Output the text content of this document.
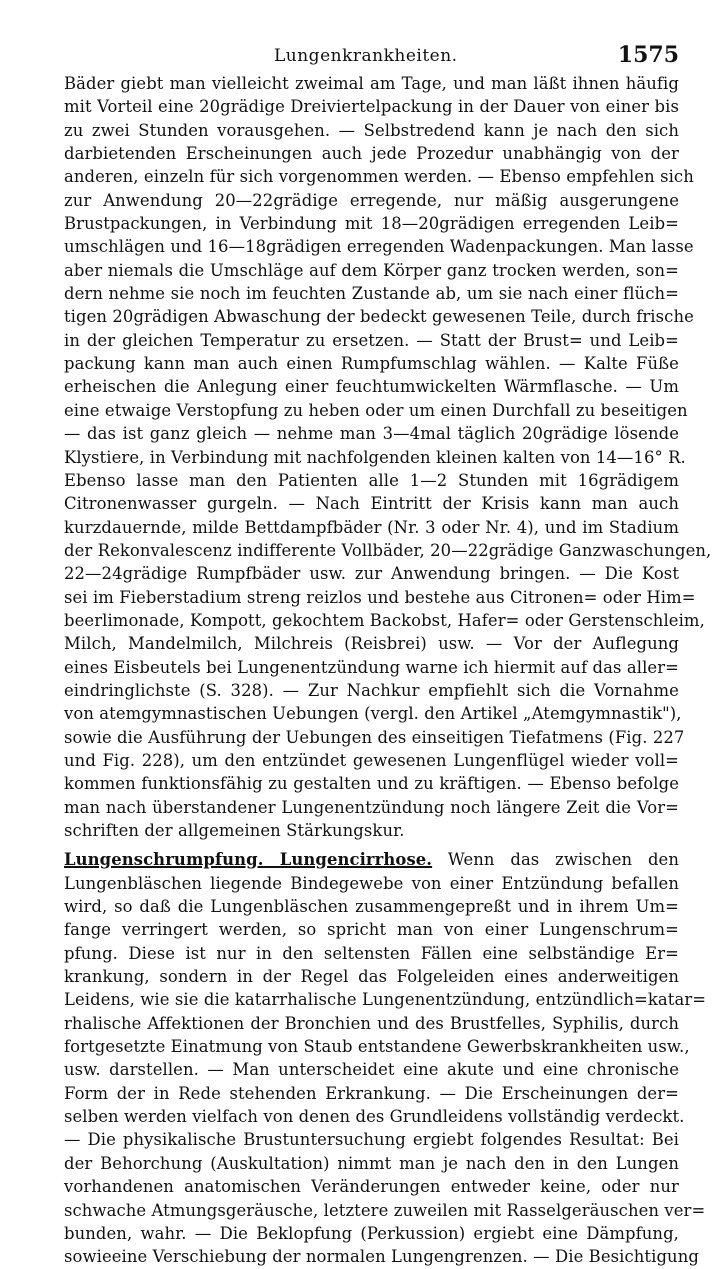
Lungenkrankheiten.	1575
Bäder giebt man vielleicht zweimal am Tage, und man läßt ihnen häufig
mit Vorteil eine 20grädige Dreiviertelpackung in der Dauer von einer bis
zu zwei Stunden vorausgehen. — Selbstredend kann je nach den sich
darbietenden Erscheinungen auch jede Prozedur unabhängig von der
anderen, einzeln für sich vorgenommen werden. — Ebenso empfehlen sich
zur Anwendung 20—22grädige erregende, nur mäßig ausgerungene
Brustpackungen, in Verbindung mit 18—20grädigen erregenden Leib=
umschlägen und 16—18grädigen erregenden Wadenpackungen. Man lasse
aber niemals die Umschläge auf dem Körper ganz trocken werden, son=
dern nehme sie noch im feuchten Zustande ab, um sie nach einer flüch=
tigen 20grädigen Abwaschung der bedeckt gewesenen Teile, durch frische
in der gleichen Temperatur zu ersetzen. — Statt der Brust= und Leib=
packung kann man auch einen Rumpfumschlag wählen. — Kalte Füße
erheischen die Anlegung einer feuchtumwickelten Wärmflasche. — Um
eine etwaige Verstopfung zu heben oder um einen Durchfall zu beseitigen
— das ist ganz gleich — nehme man 3—4mal täglich 20grädige lösende
Klystiere, in Verbindung mit nachfolgenden kleinen kalten von 14—16° R.
Ebenso lasse man den Patienten alle 1—2 Stunden mit 16grädigem
Citronenwasser gurgeln. — Nach Eintritt der Krisis kann man auch
kurzdauernde, milde Bettdampfbäder (Nr. 3 oder Nr. 4), und im Stadium
der Rekonvalescenz indifferente Vollbäder, 20—22grädige Ganzwaschungen,
22—24grädige Rumpfbäder usw. zur Anwendung bringen. — Die Kost
sei im Fieberstadium streng reizlos und bestehe aus Citronen= oder Him=
beerlimonade, Kompott, gekochtem Backobst, Hafer= oder Gerstenschleim,
Milch, Mandelmilch, Milchreis (Reisbrei) usw. — Vor der Auflegung
eines Eisbeutels bei Lungenentzündung warne ich hiermit auf das aller=
eindringlichste (S. 328). — Zur Nachkur empfiehlt sich die Vornahme
von atemgymnastischen Uebungen (vergl. den Artikel „Atemgymnastik"),
sowie die Ausführung der Uebungen des einseitigen Tiefatmens (Fig. 227
und Fig. 228), um den entzündet gewesenen Lungenflügel wieder voll=
kommen funktionsfähig zu gestalten und zu kräftigen. — Ebenso befolge
man nach überstandener Lungenentzündung noch längere Zeit die Vor=
schriften der allgemeinen Stärkungskur.
Lungenschrumpfung. Lungencirrhose. Wenn das zwischen den
Lungenbläschen liegende Bindegewebe von einer Entzündung befallen
wird, so daß die Lungenbläschen zusammengepreßt und in ihrem Um=
fange verringert werden, so spricht man von einer Lungenschrum=
pfung. Diese ist nur in den seltensten Fällen eine selbständige Er=
krankung, sondern in der Regel das Folgeleiden eines anderweitigen
Leidens, wie sie die katarrhalische Lungenentzündung, entzündlich=katar=
rhalische Affektionen der Bronchien und des Brustfelles, Syphilis, durch
fortgesetzte Einatmung von Staub entstandene Gewerbskrankheiten usw.,
usw. darstellen. — Man unterscheidet eine akute und eine chronische
Form der in Rede stehenden Erkrankung. — Die Erscheinungen der=
selben werden vielfach von denen des Grundleidens vollständig verdeckt.
— Die physikalische Brustuntersuchung ergiebt folgendes Resultat: Bei
der Behorchung (Auskultation) nimmt man je nach den in den Lungen
vorhandenen anatomischen Veränderungen entweder keine, oder nur
schwache Atmungsgeräusche, letztere zuweilen mit Rasselgeräuschen ver=
bunden, wahr. — Die Beklopfung (Perkussion) ergiebt eine Dämpfung,
sowieeine Verschiebung der normalen Lungengrenzen. — Die Besichtigung
